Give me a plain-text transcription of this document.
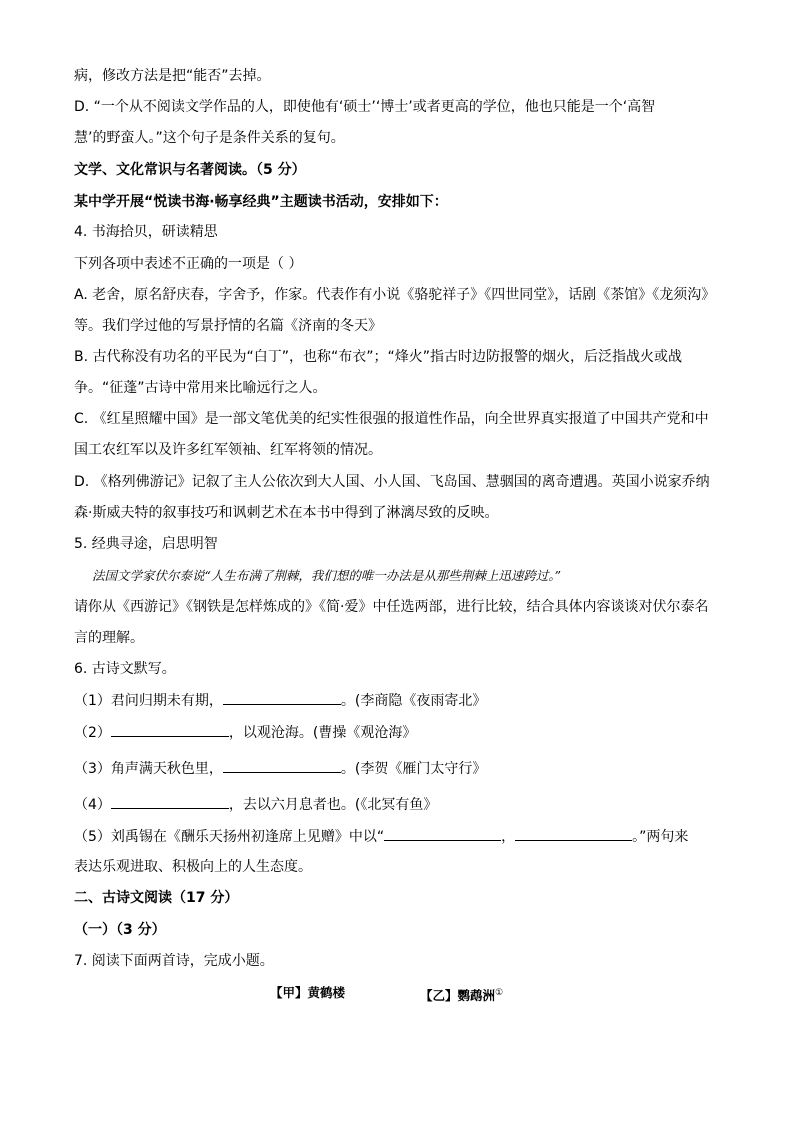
病，修改方法是把“能否”去掉。
D. “一个从不阅读文学作品的人，即使他有‘硕士’‘博士’或者更高的学位，他也只能是一个‘高智
慧’的野蛮人。”这个句子是条件关系的复句。
文学、文化常识与名著阅读。（5 分）
某中学开展“悦读书海·畅享经典”主题读书活动，安排如下：
4. 书海拾贝，研读精思
下列各项中表述不正确的一项是（ ）
A. 老舍，原名舒庆春，字舍予，作家。代表作有小说《骆驼祥子》《四世同堂》，话剧《茶馆》《龙须沟》
等。我们学过他的写景抒情的名篇《济南的冬天》
B. 古代称没有功名的平民为“白丁”，也称“布衣”；“烽火”指古时边防报警的烟火，后泛指战火或战
争。“征蓬”古诗中常用来比喻远行之人。
C. 《红星照耀中国》是一部文笔优美的纪实性很强的报道性作品，向全世界真实报道了中国共产党和中
国工农红军以及许多红军领袖、红军将领的情况。
D. 《格列佛游记》记叙了主人公依次到大人国、小人国、飞岛国、慧骃国的离奇遭遇。英国小说家乔纳
森·斯威夫特的叙事技巧和讽刺艺术在本书中得到了淋漓尽致的反映。
5. 经典寻途，启思明智
法国文学家伏尔泰说“人生布满了荆棘，我们想的唯一办法是从那些荆棘上迅速跨过。”
请你从《西游记》《钢铁是怎样炼成的》《简·爱》中任选两部，进行比较，结合具体内容谈谈对伏尔泰名
言的理解。
6. 古诗文默写。
（1）君问归期未有期，	。(李商隐《夜雨寄北》
（2）	，以观沧海。(曹操《观沧海》
（3）角声满天秋色里，	。(李贺《雁门太守行》
（4）	，去以六月息者也。(《北冥有鱼》
（5）刘禹锡在《酬乐天扬州初逢席上见赠》中以“	，	。”两句来
表达乐观进取、积极向上的人生态度。
二、古诗文阅读（17 分）
（一）（3 分）
7. 阅读下面两首诗，完成小题。
【甲】黄鹤楼	【乙】鹦鹉洲①
